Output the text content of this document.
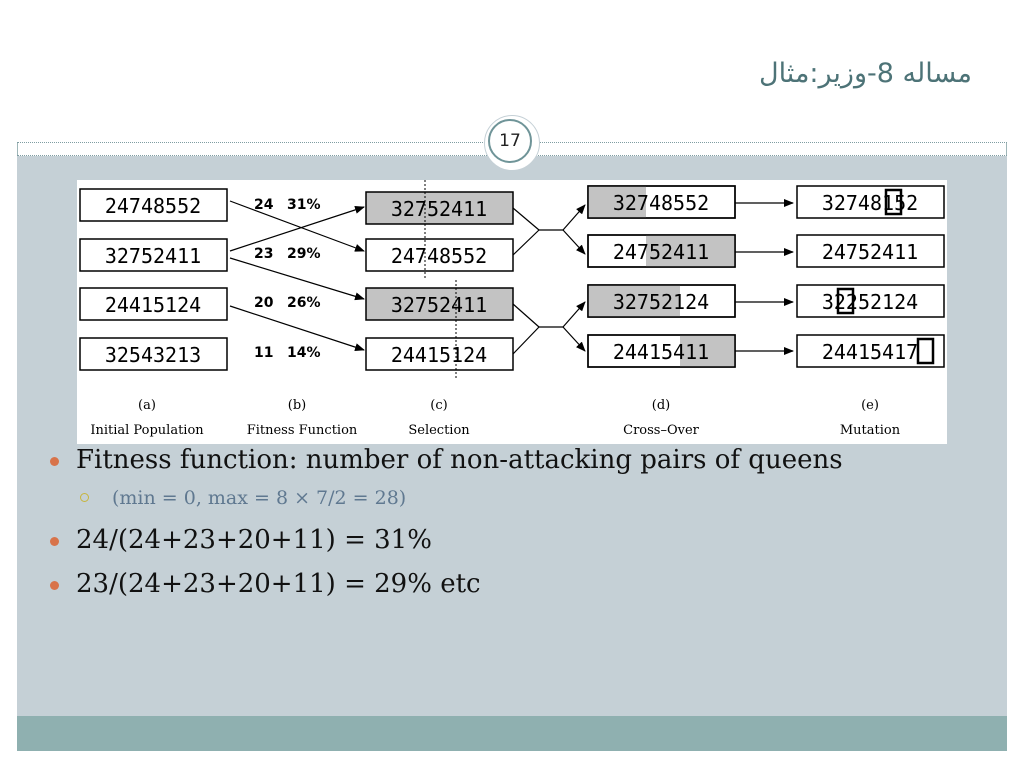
مساله 8-وزیر:مثال
17
24748552
32752411
24415124
32543213
24 31%
23 29%
20 26%
11 14%
32752411
24748552
32752411
24415124
32748552
24752411
32752124
24415411
32748152
24752411
32252124
24415417
(a)	(b)	(c)	(d)	(e)
Initial Population	Fitness Function	Selection	Cross–Over	Mutation
Fitness function: number of non-attacking pairs of queens
(min = 0, max = 8 × 7/2 = 28)
24/(24+23+20+11) = 31%
23/(24+23+20+11) = 29% etc
